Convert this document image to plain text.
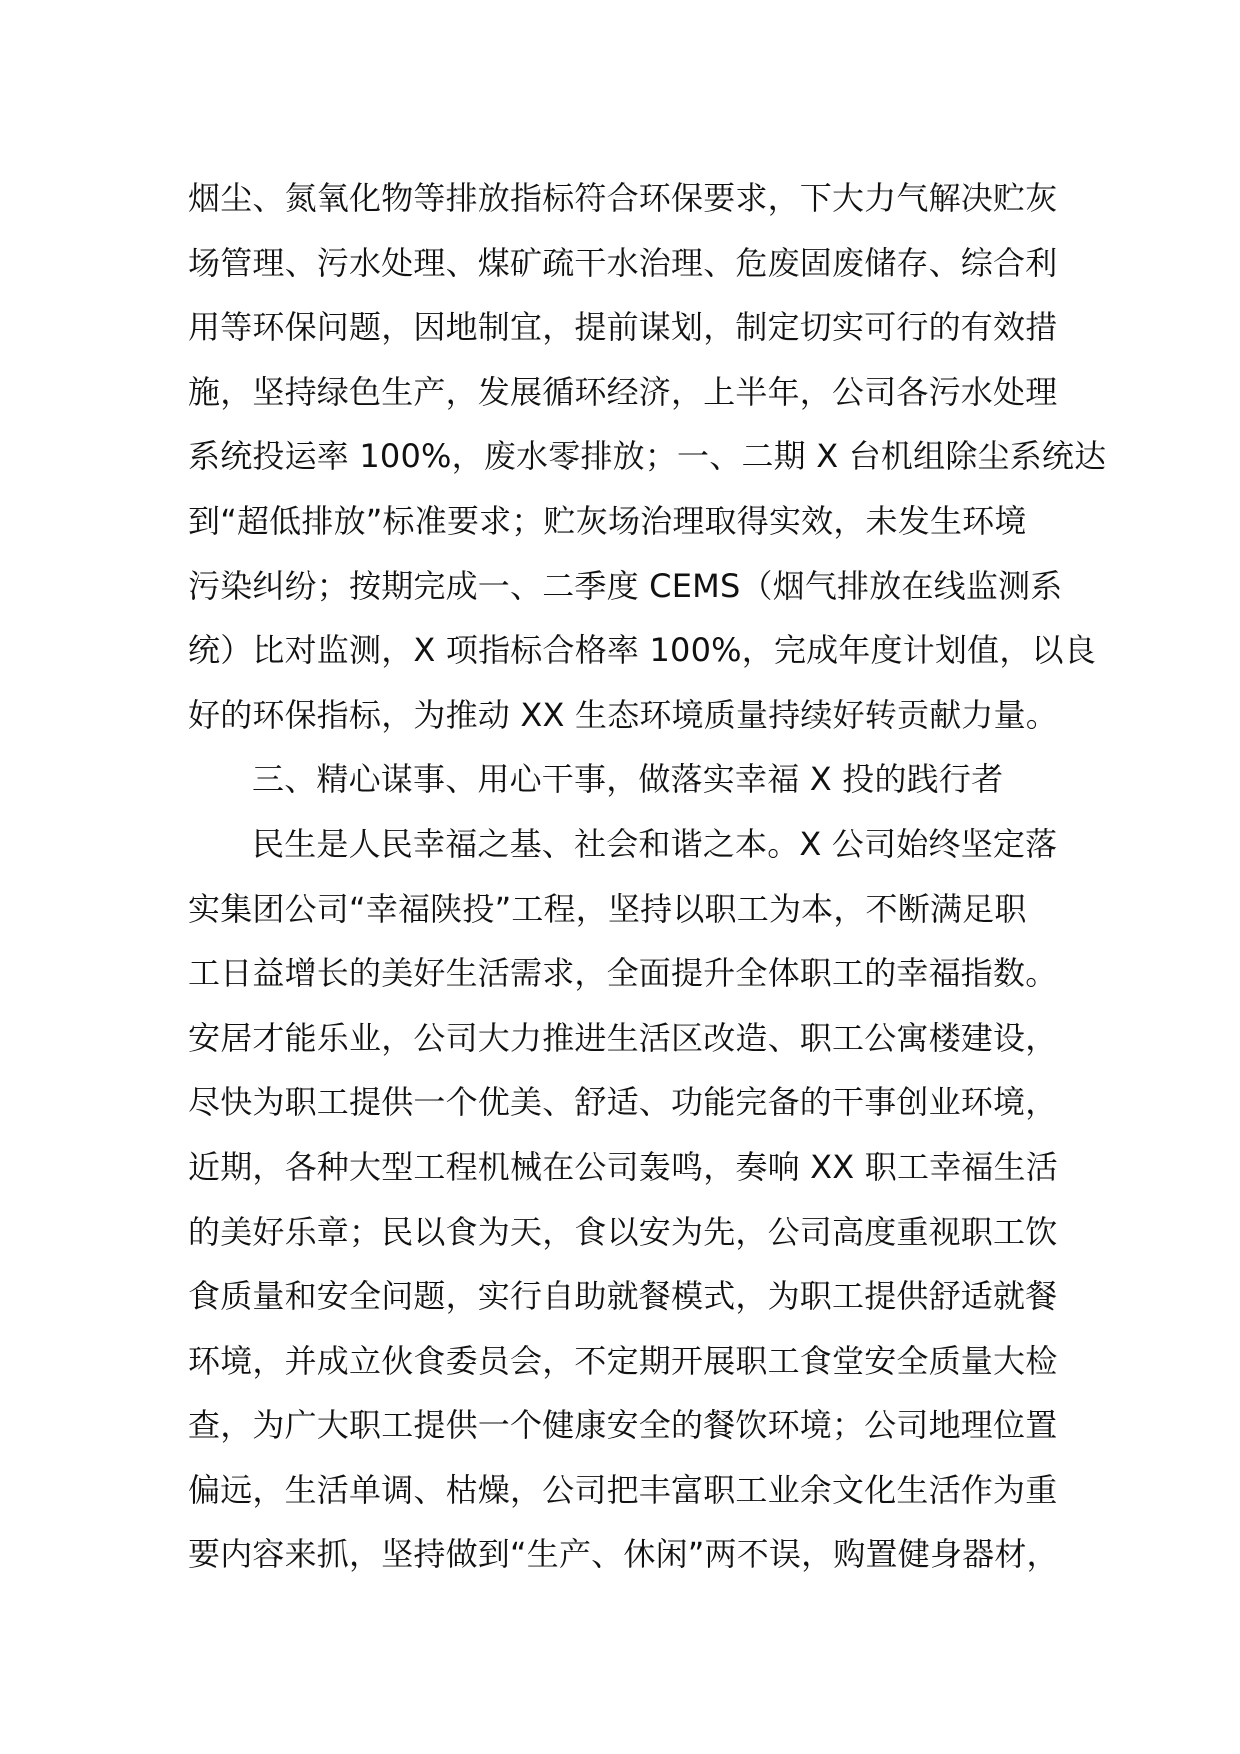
烟尘、氮氧化物等排放指标符合环保要求，下大力气解决贮灰
场管理、污水处理、煤矿疏干水治理、危废固废储存、综合利
用等环保问题，因地制宜，提前谋划，制定切实可行的有效措
施，坚持绿色生产，发展循环经济，上半年，公司各污水处理
系统投运率 100%，废水零排放；一、二期 X 台机组除尘系统达
到“超低排放”标准要求；贮灰场治理取得实效，未发生环境
污染纠纷；按期完成一、二季度 CEMS（烟气排放在线监测系
统）比对监测，X 项指标合格率 100%，完成年度计划值，以良
好的环保指标，为推动 XX 生态环境质量持续好转贡献力量。
三、精心谋事、用心干事，做落实幸福 X 投的践行者
民生是人民幸福之基、社会和谐之本。X 公司始终坚定落
实集团公司“幸福陕投”工程，坚持以职工为本，不断满足职
工日益增长的美好生活需求，全面提升全体职工的幸福指数。
安居才能乐业，公司大力推进生活区改造、职工公寓楼建设，
尽快为职工提供一个优美、舒适、功能完备的干事创业环境，
近期，各种大型工程机械在公司轰鸣，奏响 XX 职工幸福生活
的美好乐章；民以食为天，食以安为先，公司高度重视职工饮
食质量和安全问题，实行自助就餐模式，为职工提供舒适就餐
环境，并成立伙食委员会，不定期开展职工食堂安全质量大检
查，为广大职工提供一个健康安全的餐饮环境；公司地理位置
偏远，生活单调、枯燥，公司把丰富职工业余文化生活作为重
要内容来抓，坚持做到“生产、休闲”两不误，购置健身器材，
